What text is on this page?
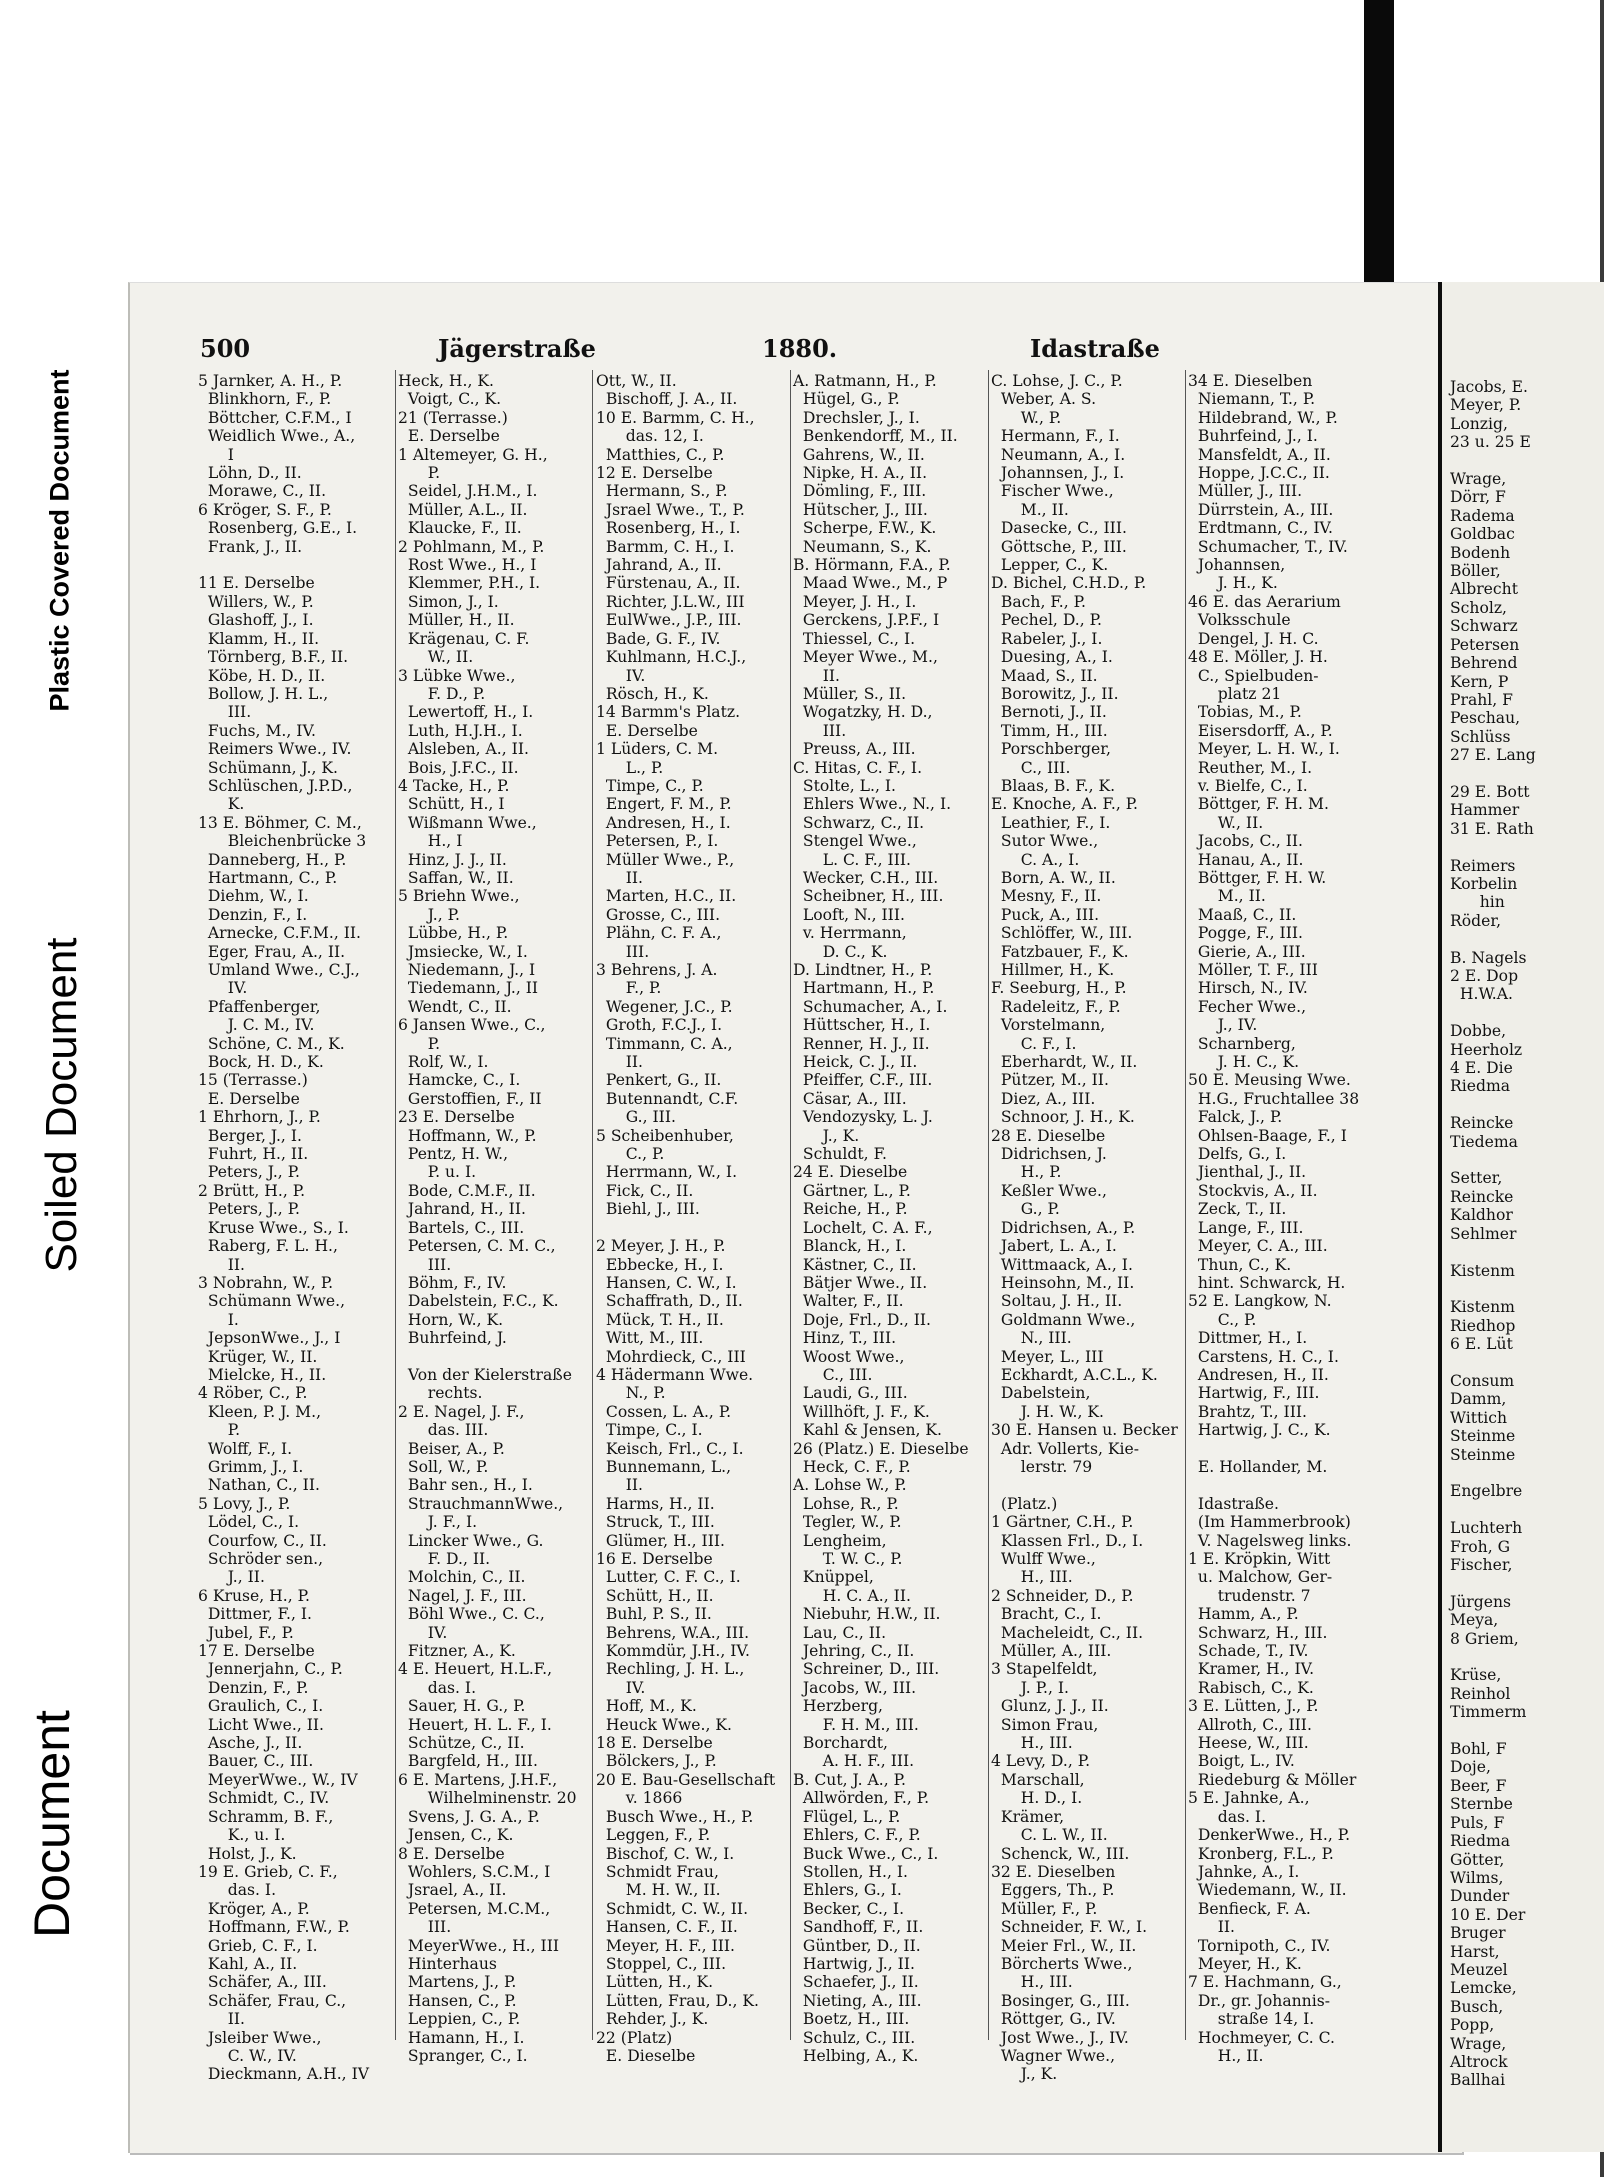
Plastic Covered Document
Soiled Document
Document
Jacobs, E.
Meyer, P.
Lonzig,
23 u. 25 E

Wrage,
Dörr, F
Radema
Goldbac
Bodenh
Böller,
Albrecht
Scholz,
Schwarz
Petersen
Behrend
Kern, P
Prahl, F
Peschau,
Schlüss
27 E. Lang

29 E. Bott
Hammer
31 E. Rath

Reimers
Korbelin
hin
Röder,

B. Nagels
2 E. Dop
H.W.A.

Dobbe,
Heerholz
4 E. Die
Riedma

Reincke
Tiedema

Setter,
Reincke
Kaldhor
Sehlmer

Kistenm

Kistenm
Riedhop
6 E. Lüt

Consum
Damm,
Wittich
Steinme
Steinme

Engelbre

Luchterh
Froh, G
Fischer,

Jürgens
Meya,
8 Griem,

Krüse,
Reinhol
Timmerm

Bohl, F
Doje,
Beer, F
Sternbe
Puls, F
Riedma
Götter,
Wilms,
Dunder
10 E. Der
Bruger
Harst,
Meuzel
Lemcke,
Busch,
Popp,
Wrage,
Altrock
Ballhai
500	Jägerstraße	1880.	Idastraße
5 Jarnker, A. H., P.
Blinkhorn, F., P.
Böttcher, C.F.M., I
Weidlich Wwe., A.,
I
Löhn, D., II.
Morawe, C., II.
6 Kröger, S. F., P.
Rosenberg, G.E., I.
Frank, J., II.

11 E. Derselbe
Willers, W., P.
Glashoff, J., I.
Klamm, H., II.
Törnberg, B.F., II.
Köbe, H. D., II.
Bollow, J. H. L.,
III.
Fuchs, M., IV.
Reimers Wwe., IV.
Schümann, J., K.
Schlüschen, J.P.D.,
K.
13 E. Böhmer, C. M.,
Bleichenbrücke 3
Danneberg, H., P.
Hartmann, C., P.
Diehm, W., I.
Denzin, F., I.
Arnecke, C.F.M., II.
Eger, Frau, A., II.
Umland Wwe., C.J.,
IV.
Pfaffenberger,
J. C. M., IV.
Schöne, C. M., K.
Bock, H. D., K.
15 (Terrasse.)
E. Derselbe
1 Ehrhorn, J., P.
Berger, J., I.
Fuhrt, H., II.
Peters, J., P.
2 Brütt, H., P.
Peters, J., P.
Kruse Wwe., S., I.
Raberg, F. L. H.,
II.
3 Nobrahn, W., P.
Schümann Wwe.,
I.
JepsonWwe., J., I
Krüger, W., II.
Mielcke, H., II.
4 Röber, C., P.
Kleen, P. J. M.,
P.
Wolff, F., I.
Grimm, J., I.
Nathan, C., II.
5 Lovy, J., P.
Lödel, C., I.
Courfow, C., II.
Schröder sen.,
J., II.
6 Kruse, H., P.
Dittmer, F., I.
Jubel, F., P.
17 E. Derselbe
Jennerjahn, C., P.
Denzin, F., P.
Graulich, C., I.
Licht Wwe., II.
Asche, J., II.
Bauer, C., III.
MeyerWwe., W., IV
Schmidt, C., IV.
Schramm, B. F.,
K., u. I.
Holst, J., K.
19 E. Grieb, C. F.,
das. I.
Kröger, A., P.
Hoffmann, F.W., P.
Grieb, C. F., I.
Kahl, A., II.
Schäfer, A., III.
Schäfer, Frau, C.,
II.
Jsleiber Wwe.,
C. W., IV.
Dieckmann, A.H., IV
Heck, H., K.
Voigt, C., K.
21 (Terrasse.)
E. Derselbe
1 Altemeyer, G. H.,
P.
Seidel, J.H.M., I.
Müller, A.L., II.
Klaucke, F., II.
2 Pohlmann, M., P.
Rost Wwe., H., I
Klemmer, P.H., I.
Simon, J., I.
Müller, H., II.
Krägenau, C. F.
W., II.
3 Lübke Wwe.,
F. D., P.
Lewertoff, H., I.
Luth, H.J.H., I.
Alsleben, A., II.
Bois, J.F.C., II.
4 Tacke, H., P.
Schütt, H., I
Wißmann Wwe.,
H., I
Hinz, J. J., II.
Saffan, W., II.
5 Briehn Wwe.,
J., P.
Lübbe, H., P.
Jmsiecke, W., I.
Niedemann, J., I
Tiedemann, J., II
Wendt, C., II.
6 Jansen Wwe., C.,
P.
Rolf, W., I.
Hamcke, C., I.
Gerstoffien, F., II
23 E. Derselbe
Hoffmann, W., P.
Pentz, H. W.,
P. u. I.
Bode, C.M.F., II.
Jahrand, H., II.
Bartels, C., III.
Petersen, C. M. C.,
III.
Böhm, F., IV.
Dabelstein, F.C., K.
Horn, W., K.
Buhrfeind, J.

Von der Kielerstraße
rechts.
2 E. Nagel, J. F.,
das. III.
Beiser, A., P.
Soll, W., P.
Bahr sen., H., I.
StrauchmannWwe.,
J. F., I.
Lincker Wwe., G.
F. D., II.
Molchin, C., II.
Nagel, J. F., III.
Böhl Wwe., C. C.,
IV.
Fitzner, A., K.
4 E. Heuert, H.L.F.,
das. I.
Sauer, H. G., P.
Heuert, H. L. F., I.
Schütze, C., II.
Bargfeld, H., III.
6 E. Martens, J.H.F.,
Wilhelminenstr. 20
Svens, J. G. A., P.
Jensen, C., K.
8 E. Derselbe
Wohlers, S.C.M., I
Jsrael, A., II.
Petersen, M.C.M.,
III.
MeyerWwe., H., III
Hinterhaus
Martens, J., P.
Hansen, C., P.
Leppien, C., P.
Hamann, H., I.
Spranger, C., I.
Ott, W., II.
Bischoff, J. A., II.
10 E. Barmm, C. H.,
das. 12, I.
Matthies, C., P.
12 E. Derselbe
Hermann, S., P.
Jsrael Wwe., T., P.
Rosenberg, H., I.
Barmm, C. H., I.
Jahrand, A., II.
Fürstenau, A., II.
Richter, J.L.W., III
EulWwe., J.P., III.
Bade, G. F., IV.
Kuhlmann, H.C.J.,
IV.
Rösch, H., K.
14 Barmm's Platz.
E. Derselbe
1 Lüders, C. M.
L., P.
Timpe, C., P.
Engert, F. M., P.
Andresen, H., I.
Petersen, P., I.
Müller Wwe., P.,
II.
Marten, H.C., II.
Grosse, C., III.
Plähn, C. F. A.,
III.
3 Behrens, J. A.
F., P.
Wegener, J.C., P.
Groth, F.C.J., I.
Timmann, C. A.,
II.
Penkert, G., II.
Butennandt, C.F.
G., III.
5 Scheibenhuber,
C., P.
Herrmann, W., I.
Fick, C., II.
Biehl, J., III.

2 Meyer, J. H., P.
Ebbecke, H., I.
Hansen, C. W., I.
Schaffrath, D., II.
Mück, T. H., II.
Witt, M., III.
Mohrdieck, C., III
4 Hädermann Wwe.
N., P.
Cossen, L. A., P.
Timpe, C., I.
Keisch, Frl., C., I.
Bunnemann, L.,
II.
Harms, H., II.
Struck, T., III.
Glümer, H., III.
16 E. Derselbe
Lutter, C. F. C., I.
Schütt, H., II.
Buhl, P. S., II.
Behrens, W.A., III.
Kommdür, J.H., IV.
Rechling, J. H. L.,
IV.
Hoff, M., K.
Heuck Wwe., K.
18 E. Derselbe
Bölckers, J., P.
20 E. Bau-Gesellschaft
v. 1866
Busch Wwe., H., P.
Leggen, F., P.
Bischof, C. W., I.
Schmidt Frau,
M. H. W., II.
Schmidt, C. W., II.
Hansen, C. F., II.
Meyer, H. F., III.
Stoppel, C., III.
Lütten, H., K.
Lütten, Frau, D., K.
Rehder, J., K.
22 (Platz)
E. Dieselbe
A. Ratmann, H., P.
Hügel, G., P.
Drechsler, J., I.
Benkendorff, M., II.
Gahrens, W., II.
Nipke, H. A., II.
Dömling, F., III.
Hütscher, J., III.
Scherpe, F.W., K.
Neumann, S., K.
B. Hörmann, F.A., P.
Maad Wwe., M., P
Meyer, J. H., I.
Gerckens, J.P.F., I
Thiessel, C., I.
Meyer Wwe., M.,
II.
Müller, S., II.
Wogatzky, H. D.,
III.
Preuss, A., III.
C. Hitas, C. F., I.
Stolte, L., I.
Ehlers Wwe., N., I.
Schwarz, C., II.
Stengel Wwe.,
L. C. F., III.
Wecker, C.H., III.
Scheibner, H., III.
Looft, N., III.
v. Herrmann,
D. C., K.
D. Lindtner, H., P.
Hartmann, H., P.
Schumacher, A., I.
Hüttscher, H., I.
Renner, H. J., II.
Heick, C. J., II.
Pfeiffer, C.F., III.
Cäsar, A., III.
Vendozysky, L. J.
J., K.
Schuldt, F.
24 E. Dieselbe
Gärtner, L., P.
Reiche, H., P.
Lochelt, C. A. F.,
Blanck, H., I.
Kästner, C., II.
Bätjer Wwe., II.
Walter, F., II.
Doje, Frl., D., II.
Hinz, T., III.
Woost Wwe.,
C., III.
Laudi, G., III.
Willhöft, J. F., K.
Kahl & Jensen, K.
26 (Platz.) E. Dieselbe
Heck, C. F., P.
A. Lohse W., P.
Lohse, R., P.
Tegler, W., P.
Lengheim,
T. W. C., P.
Knüppel,
H. C. A., II.
Niebuhr, H.W., II.
Lau, C., II.
Jehring, C., II.
Schreiner, D., III.
Jacobs, W., III.
Herzberg,
F. H. M., III.
Borchardt,
A. H. F., III.
B. Cut, J. A., P.
Allwörden, F., P.
Flügel, L., P.
Ehlers, C. F., P.
Buck Wwe., C., I.
Stollen, H., I.
Ehlers, G., I.
Becker, C., I.
Sandhoff, F., II.
Güntber, D., II.
Hartwig, J., II.
Schaefer, J., II.
Nieting, A., III.
Boetz, H., III.
Schulz, C., III.
Helbing, A., K.
C. Lohse, J. C., P.
Weber, A. S.
W., P.
Hermann, F., I.
Neumann, A., I.
Johannsen, J., I.
Fischer Wwe.,
M., II.
Dasecke, C., III.
Göttsche, P., III.
Lepper, C., K.
D. Bichel, C.H.D., P.
Bach, F., P.
Pechel, D., P.
Rabeler, J., I.
Duesing, A., I.
Maad, S., II.
Borowitz, J., II.
Bernoti, J., II.
Timm, H., III.
Porschberger,
C., III.
Blaas, B. F., K.
E. Knoche, A. F., P.
Leathier, F., I.
Sutor Wwe.,
C. A., I.
Born, A. W., II.
Mesny, F., II.
Puck, A., III.
Schlöffer, W., III.
Fatzbauer, F., K.
Hillmer, H., K.
F. Seeburg, H., P.
Radeleitz, F., P.
Vorstelmann,
C. F., I.
Eberhardt, W., II.
Pützer, M., II.
Diez, A., III.
Schnoor, J. H., K.
28 E. Dieselbe
Didrichsen, J.
H., P.
Keßler Wwe.,
G., P.
Didrichsen, A., P.
Jabert, L. A., I.
Wittmaack, A., I.
Heinsohn, M., II.
Soltau, J. H., II.
Goldmann Wwe.,
N., III.
Meyer, L., III
Eckhardt, A.C.L., K.
Dabelstein,
J. H. W., K.
30 E. Hansen u. Becker
Adr. Vollerts, Kie-
lerstr. 79

(Platz.)
1 Gärtner, C.H., P.
Klassen Frl., D., I.
Wulff Wwe.,
H., III.
2 Schneider, D., P.
Bracht, C., I.
Macheleidt, C., II.
Müller, A., III.
3 Stapelfeldt,
J. P., I.
Glunz, J. J., II.
Simon Frau,
H., III.
4 Levy, D., P.
Marschall,
H. D., I.
Krämer,
C. L. W., II.
Schenck, W., III.
32 E. Dieselben
Eggers, Th., P.
Müller, F., P.
Schneider, F. W., I.
Meier Frl., W., II.
Börcherts Wwe.,
H., III.
Bosinger, G., III.
Röttger, G., IV.
Jost Wwe., J., IV.
Wagner Wwe.,
J., K.
34 E. Dieselben
Niemann, T., P.
Hildebrand, W., P.
Buhrfeind, J., I.
Mansfeldt, A., II.
Hoppe, J.C.C., II.
Müller, J., III.
Dürrstein, A., III.
Erdtmann, C., IV.
Schumacher, T., IV.
Johannsen,
J. H., K.
46 E. das Aerarium
Volksschule
Dengel, J. H. C.
48 E. Möller, J. H.
C., Spielbuden-
platz 21
Tobias, M., P.
Eisersdorff, A., P.
Meyer, L. H. W., I.
Reuther, M., I.
v. Bielfe, C., I.
Böttger, F. H. M.
W., II.
Jacobs, C., II.
Hanau, A., II.
Böttger, F. H. W.
M., II.
Maaß, C., II.
Pogge, F., III.
Gierie, A., III.
Möller, T. F., III
Hirsch, N., IV.
Fecher Wwe.,
J., IV.
Scharnberg,
J. H. C., K.
50 E. Meusing Wwe.
H.G., Fruchtallee 38
Falck, J., P.
Ohlsen-Baage, F., I
Delfs, G., I.
Jienthal, J., II.
Stockvis, A., II.
Zeck, T., II.
Lange, F., III.
Meyer, C. A., III.
Thun, C., K.
hint. Schwarck, H.
52 E. Langkow, N.
C., P.
Dittmer, H., I.
Carstens, H. C., I.
Andresen, H., II.
Hartwig, F., III.
Brahtz, T., III.
Hartwig, J. C., K.

E. Hollander, M.

Idastraße.
(Im Hammerbrook)
V. Nagelsweg links.
1 E. Kröpkin, Witt
u. Malchow, Ger-
trudenstr. 7
Hamm, A., P.
Schwarz, H., III.
Schade, T., IV.
Kramer, H., IV.
Rabisch, C., K.
3 E. Lütten, J., P.
Allroth, C., III.
Heese, W., III.
Boigt, L., IV.
Riedeburg & Möller
5 E. Jahnke, A.,
das. I.
DenkerWwe., H., P.
Kronberg, F.L., P.
Jahnke, A., I.
Wiedemann, W., II.
Benfieck, F. A.
II.
Tornipoth, C., IV.
Meyer, H., K.
7 E. Hachmann, G.,
Dr., gr. Johannis-
straße 14, I.
Hochmeyer, C. C.
H., II.
